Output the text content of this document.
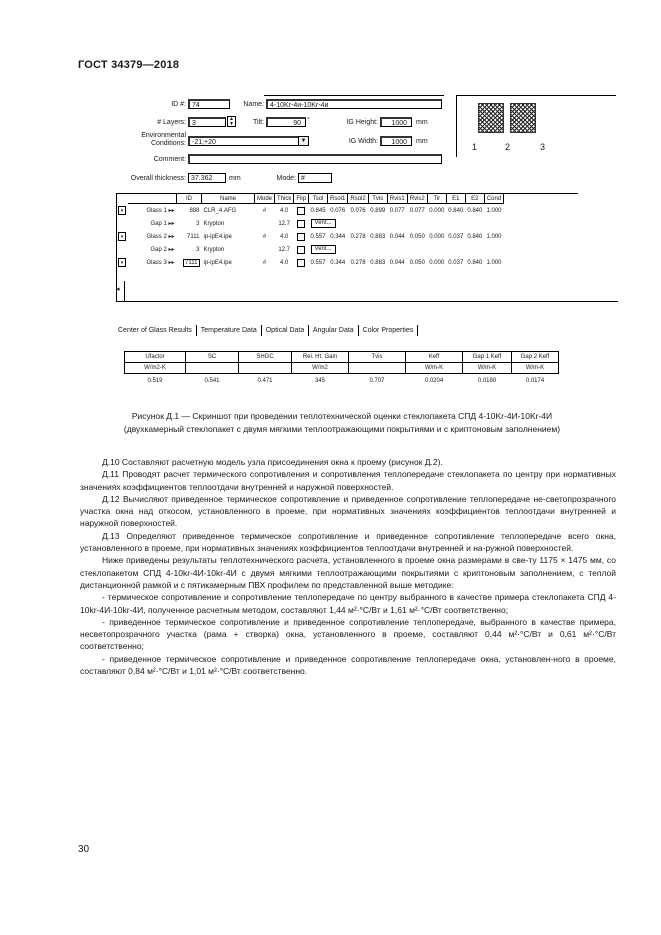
ГОСТ 34379—2018
ID #: 74	Name: 4-10Kr-4и-10Kr-4и
# Layers: 3
▲
▼	Tilt:	90 °	IG Height:	1000	mm
Environmental
Conditions: -21;+20	▼	IG Width:	1000	mm
Comment:
Overall thickness: 37.362	mm	Mode: #
1	2	3
		ID	Name	Mode	Thick	Flip	Tsol	Rsol1	Rsol2	Tvis	Rvis1	Rvis2	Tir	E1	E2	Cond
▾	Glass 1 ▸▸	888	CLR_4.AFG	#	4.0		0.845	0.076	0.076	0.899	0.077	0.077	0.000	0.840	0.840	1.000
	Gap 1 ▸▸	3	Krypton		12.7		Vent...									
▾	Glass 2 ▸▸	7111	ip-ipE4.ipe	#	4.0		0.557	0.344	0.278	0.883	0.044	0.050	0.000	0.037	0.840	1.000
	Gap 2 ▸▸	3	Krypton		12.7		Vent...									
▾	Glass 3 ▸▸	7111	ip-ipE4.ipe	#	4.0		0.557	0.344	0.278	0.883	0.044	0.050	0.000	0.037	0.840	1.000
◂
Center of Glass Results Temperature Data Optical Data Angular Data Color Properties
Ufactor	SC	SHGC	Rel. Ht. Gain	Tvis	Keff	Gap 1 Keff	Gap 2 Keff
W/m2-K			W/m2		W/m-K	W/m-K	W/m-K
0.519	0.541	0.471	345	0.707	0.0204	0.0180	0.0174
Рисунок Д.1 — Скриншот при проведении теплотехнической оценки стеклопакета СПД 4-10Kr-4И-10Kr-4И
(двухкамерный стеклопакет с двумя мягкими теплоотражающими покрытиями и с криптоновым заполнением)

Д.10 Составляют расчетную модель узла присоединения окна к проему (рисунок Д.2).

Д.11 Проводят расчет термического сопротивления и сопротивления теплопередаче стеклопакета по центру при нормативных значениях коэффициентов теплоотдачи внутренней и наружной поверхностей.

Д.12 Вычисляют приведенное термическое сопротивление и приведенное сопротивление теплопередаче не-светопрозрачного участка окна над откосом, установленного в проеме, при нормативных значениях коэффициентов теплоотдачи внутренней и наружной поверхностей.

Д.13 Определяют приведенное термическое сопротивление и приведенное сопротивление теплопередаче всего окна, установленного в проеме, при нормативных значениях коэффициентов теплоотдачи внутренней и на-ружной поверхностей.

Ниже приведены результаты теплотехнического расчета, установленного в проеме окна размерами в све-ту 1175 × 1475 мм, со стеклопакетом СПД 4-10kr-4И-10kr-4И с двумя мягкими теплоотражающими покрытиями с криптоновым заполнением, с теплой дистанционной рамкой и с пятикамерным ПВХ профилем по представленной выше методике:

- термическое сопротивление и сопротивление теплопередаче по центру выбранного в качестве примера стеклопакета СПД 4-10kr-4И-10kr-4И, полученное расчетным методом, составляют 1,44 м²·°С/Вт и 1,61 м²·°С/Вт соответственно;

- приведенное термическое сопротивление и приведенное сопротивление теплопередаче, выбранного в качестве примера, несветопрозрачного участка (рама + створка) окна, установленного в проеме, составляют 0,44 м²·°С/Вт и 0,61 м²·°С/Вт соответственно;

- приведенное термическое сопротивление и приведенное сопротивление теплопередаче окна, установлен-ного в проеме, составляют 0,84 м²·°С/Вт и 1,01 м²·°С/Вт соответственно.

30
